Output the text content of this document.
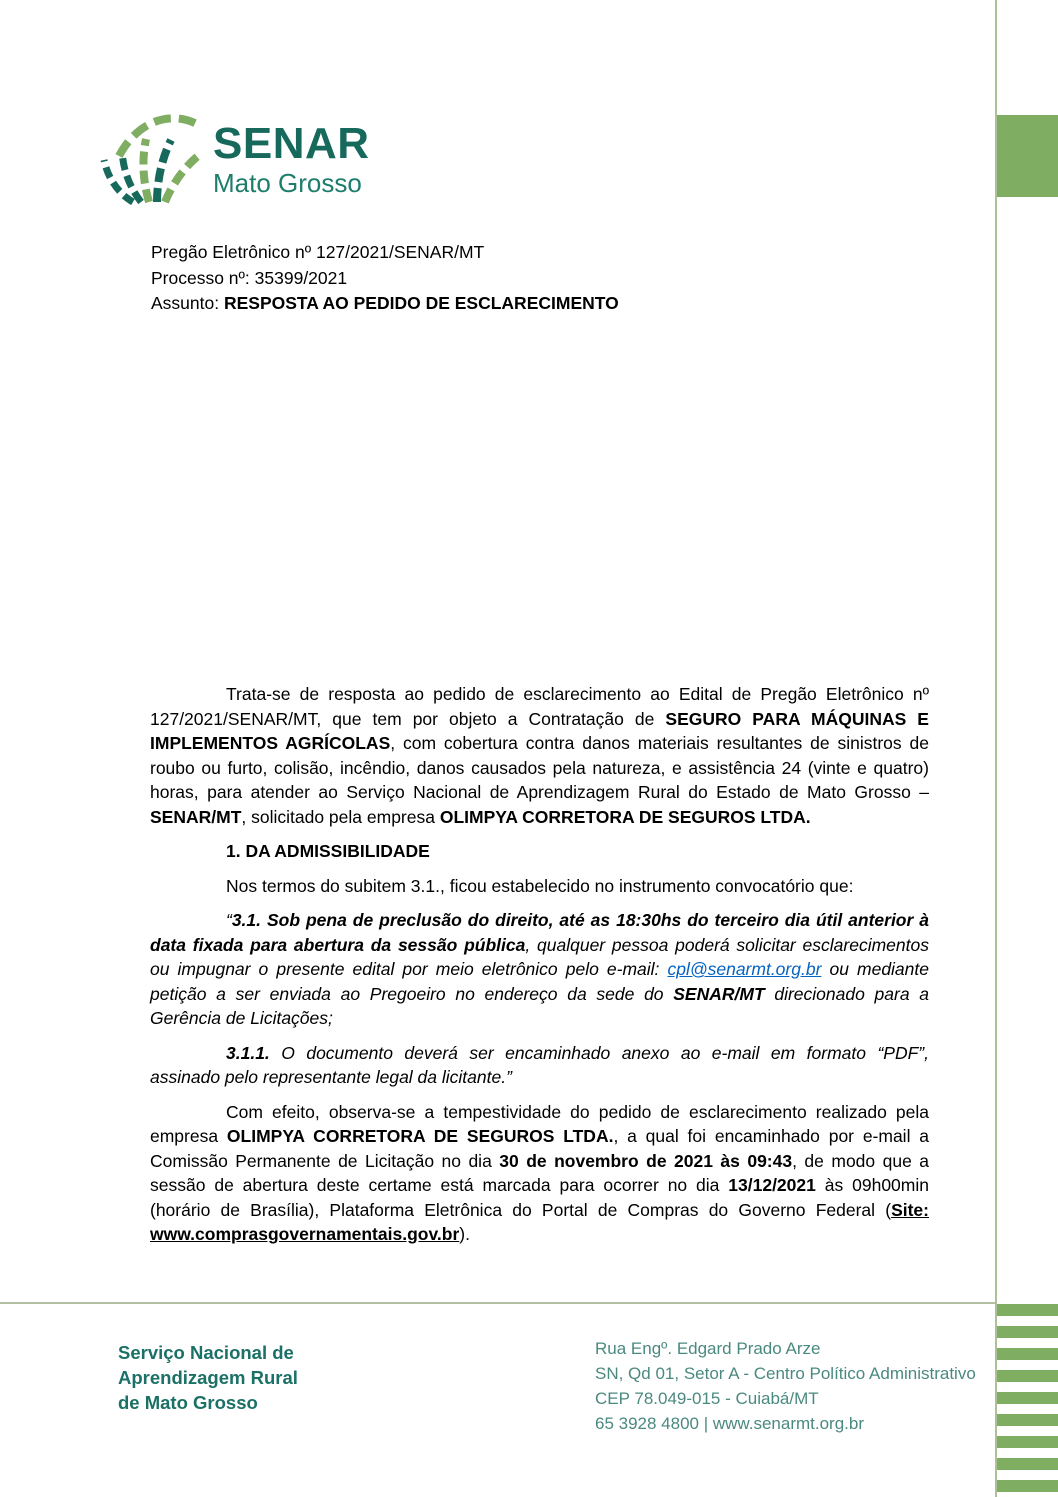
SENAR
Mato Grosso

Pregão Eletrônico nº 127/2021/SENAR/MT

Processo nº: 35399/2021

Assunto: RESPOSTA AO PEDIDO DE ESCLARECIMENTO

Trata-se de resposta ao pedido de esclarecimento ao Edital de Pregão Eletrônico nº 127/2021/SENAR/MT, que tem por objeto a Contratação de SEGURO PARA MÁQUINAS E IMPLEMENTOS AGRÍCOLAS, com cobertura contra danos materiais resultantes de sinistros de roubo ou furto, colisão, incêndio, danos causados pela natureza, e assistência 24 (vinte e quatro) horas, para atender ao Serviço Nacional de Aprendizagem Rural do Estado de Mato Grosso – SENAR/MT, solicitado pela empresa OLIMPYA CORRETORA DE SEGUROS LTDA.

1. DA ADMISSIBILIDADE

Nos termos do subitem 3.1., ficou estabelecido no instrumento convocatório que:

“3.1. Sob pena de preclusão do direito, até as 18:30hs do terceiro dia útil anterior à data fixada para abertura da sessão pública, qualquer pessoa poderá solicitar esclarecimentos ou impugnar o presente edital por meio eletrônico pelo e-mail: cpl@senarmt.org.br ou mediante petição a ser enviada ao Pregoeiro no endereço da sede do SENAR/MT direcionado para a Gerência de Licitações;

3.1.1. O documento deverá ser encaminhado anexo ao e-mail em formato “PDF”, assinado pelo representante legal da licitante.”

Com efeito, observa-se a tempestividade do pedido de esclarecimento realizado pela empresa OLIMPYA CORRETORA DE SEGUROS LTDA., a qual foi encaminhado por e-mail a Comissão Permanente de Licitação no dia 30 de novembro de 2021 às 09:43, de modo que a sessão de abertura deste certame está marcada para ocorrer no dia 13/12/2021 às 09h00min (horário de Brasília), Plataforma Eletrônica do Portal de Compras do Governo Federal (Site: www.comprasgovernamentais.gov.br).

Serviço Nacional de
Aprendizagem Rural
de Mato Grosso
Rua Engº. Edgard Prado Arze
SN, Qd 01, Setor A - Centro Político Administrativo
CEP 78.049-015 - Cuiabá/MT
65 3928 4800 | www.senarmt.org.br
